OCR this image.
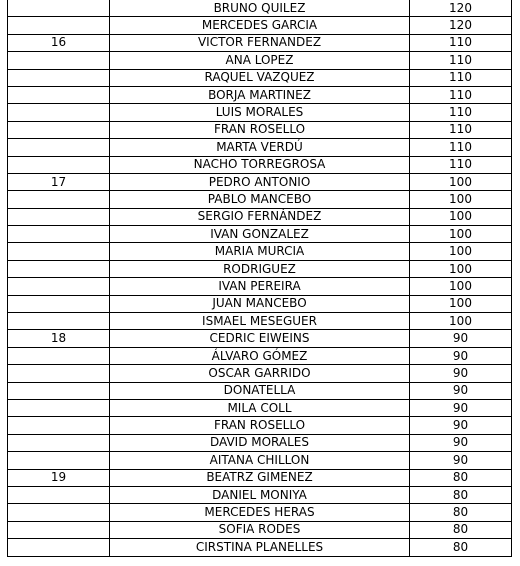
	BRUNO QUILEZ	120
	MERCEDES GARCIA	120
16	VICTOR FERNANDEZ	110
	ANA LOPEZ	110
	RAQUEL VAZQUEZ	110
	BORJA MARTINEZ	110
	LUIS MORALES	110
	FRAN ROSELLO	110
	MARTA VERDÚ	110
	NACHO TORREGROSA	110
17	PEDRO ANTONIO	100
	PABLO MANCEBO	100
	SERGIO FERNÁNDEZ	100
	IVAN GONZALEZ	100
	MARIA MURCIA	100
	RODRIGUEZ	100
	IVAN PEREIRA	100
	JUAN MANCEBO	100
	ISMAEL MESEGUER	100
18	CEDRIC EIWEINS	90
	ÁLVARO GÓMEZ	90
	OSCAR GARRIDO	90
	DONATELLA	90
	MILA COLL	90
	FRAN ROSELLO	90
	DAVID MORALES	90
	AITANA CHILLON	90
19	BEATRZ GIMENEZ	80
	DANIEL MONIYA	80
	MERCEDES HERAS	80
	SOFIA RODES	80
	CIRSTINA PLANELLES	80
